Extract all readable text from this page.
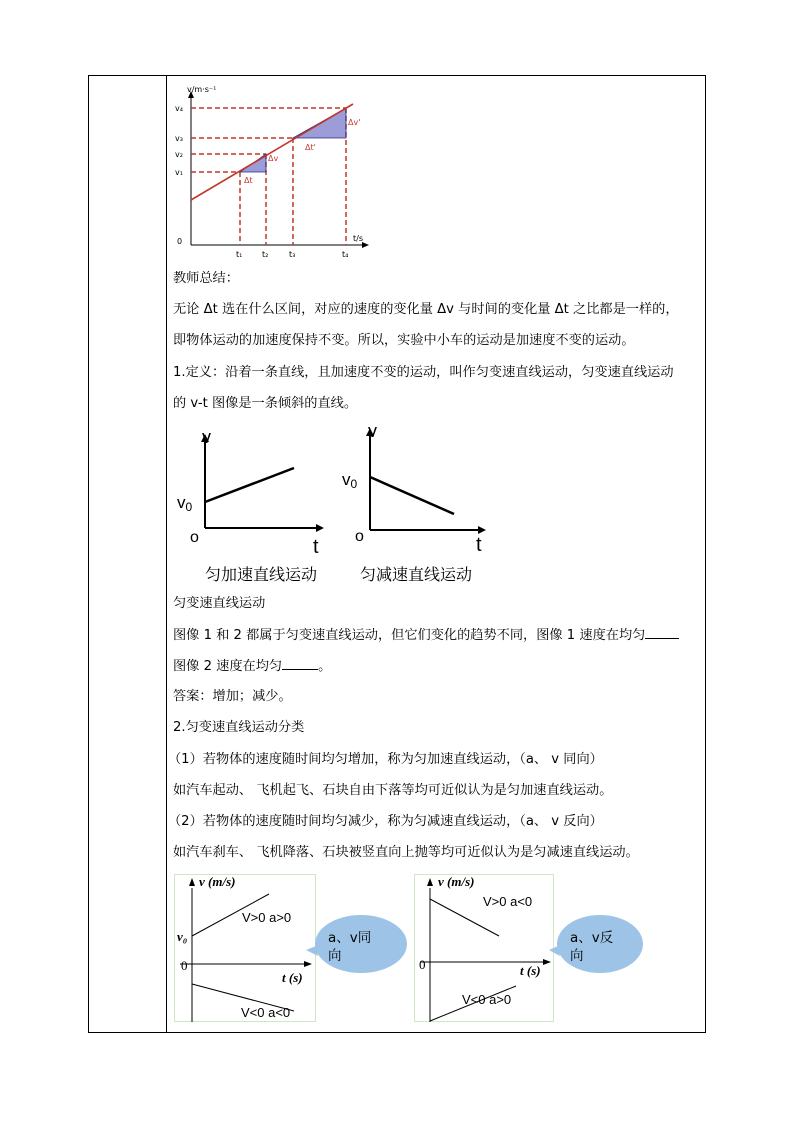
v/m·s⁻¹
t/s
0
v₄
v₃
v₂
v₁
t₁ t₂	t₃	t₄
Δt
Δv
Δt'
Δv'
教师总结：
无论 Δt 选在什么区间，对应的速度的变化量 Δv 与时间的变化量 Δt 之比都是一样的，
即物体运动的加速度保持不变。所以，实验中小车的运动是加速度不变的运动。
1.定义：沿着一条直线，且加速度不变的运动，叫作匀变速直线运动，匀变速直线运动
的 v-t 图像是一条倾斜的直线。
v
t
v0
o
匀加速直线运动
v
t
v0
o
匀减速直线运动
匀变速直线运动
图像 1 和 2 都属于匀变速直线运动，但它们变化的趋势不同，图像 1 速度在均匀
图像 2 速度在均匀	。
答案：增加；减少。
2.匀变速直线运动分类
（1）若物体的速度随时间均匀增加，称为匀加速直线运动，（a、 v 同向）
如汽车起动、 飞机起飞、石块自由下落等均可近似认为是匀加速直线运动。
（2）若物体的速度随时间均匀减少，称为匀减速直线运动，（a、 v 反向）
如汽车刹车、 飞机降落、石块被竖直向上抛等均可近似认为是匀减速直线运动。
v (m/s)
t (s)
0
v₀
V>0 a>0
V<0 a<0
a、v同
向
v (m/s)
t (s)
0
V>0 a<0
V<0 a>0
a、v反
向
